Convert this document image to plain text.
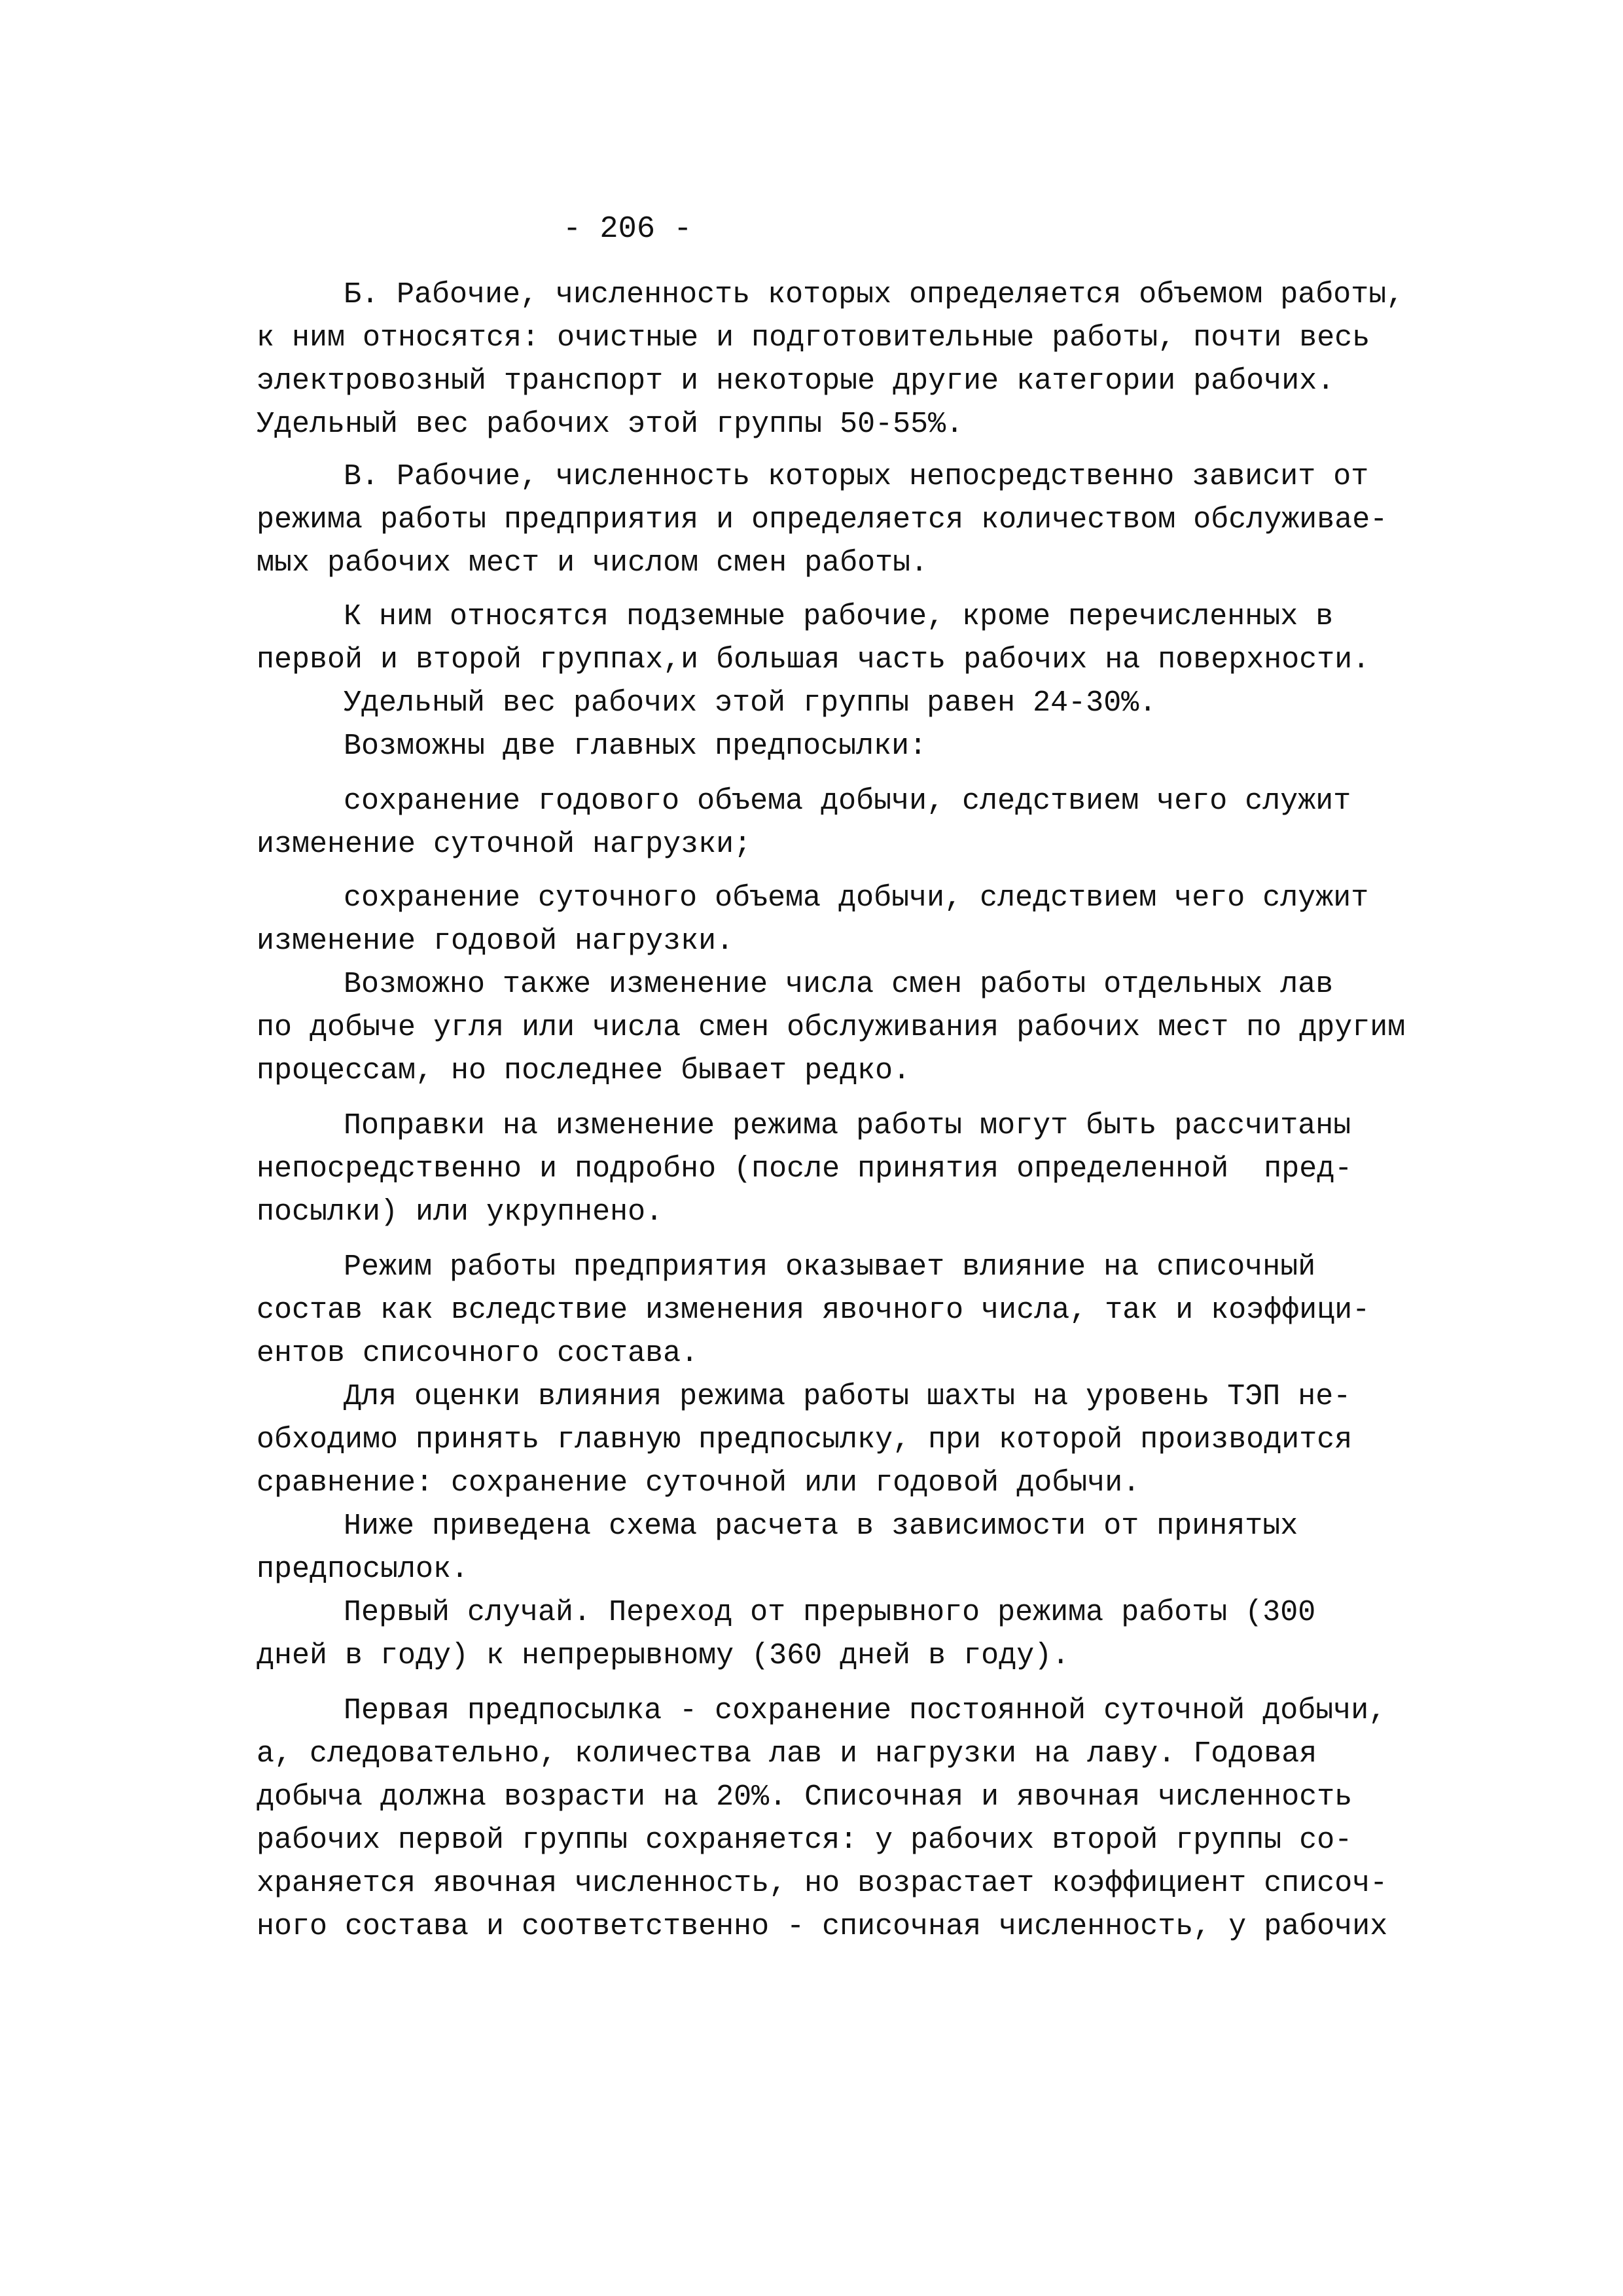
- 206 -
Б. Рабочие, численность которых определяется объемом работы,
к ним относятся: очистные и подготовительные работы, почти весь
электровозный транспорт и некоторые другие категории рабочих.
Удельный вес рабочих этой группы 50-55%.
В. Рабочие, численность которых непосредственно зависит от
режима работы предприятия и определяется количеством обслуживае-
мых рабочих мест и числом смен работы.
К ним относятся подземные рабочие, кроме перечисленных в
первой и второй группах,и большая часть рабочих на поверхности.
Удельный вес рабочих этой группы равен 24-30%.
Возможны две главных предпосылки:
сохранение годового объема добычи, следствием чего служит
изменение суточной нагрузки;
сохранение суточного объема добычи, следствием чего служит
изменение годовой нагрузки.
Возможно также изменение числа смен работы отдельных лав
по добыче угля или числа смен обслуживания рабочих мест по другим
процессам, но последнее бывает редко.
Поправки на изменение режима работы могут быть рассчитаны
непосредственно и подробно (после принятия определенной  пред-
посылки) или укрупнено.
Режим работы предприятия оказывает влияние на списочный
состав как вследствие изменения явочного числа, так и коэффици-
ентов списочного состава.
Для оценки влияния режима работы шахты на уровень ТЭП не-
обходимо принять главную предпосылку, при которой производится
сравнение: сохранение суточной или годовой добычи.
Ниже приведена схема расчета в зависимости от принятых
предпосылок.
Первый случай. Переход от прерывного режима работы (300
дней в году) к непрерывному (360 дней в году).
Первая предпосылка - сохранение постоянной суточной добычи,
а, следовательно, количества лав и нагрузки на лаву. Годовая
добыча должна возрасти на 20%. Списочная и явочная численность
рабочих первой группы сохраняется: у рабочих второй группы со-
храняется явочная численность, но возрастает коэффициент списоч-
ного состава и соответственно - списочная численность, у рабочих
